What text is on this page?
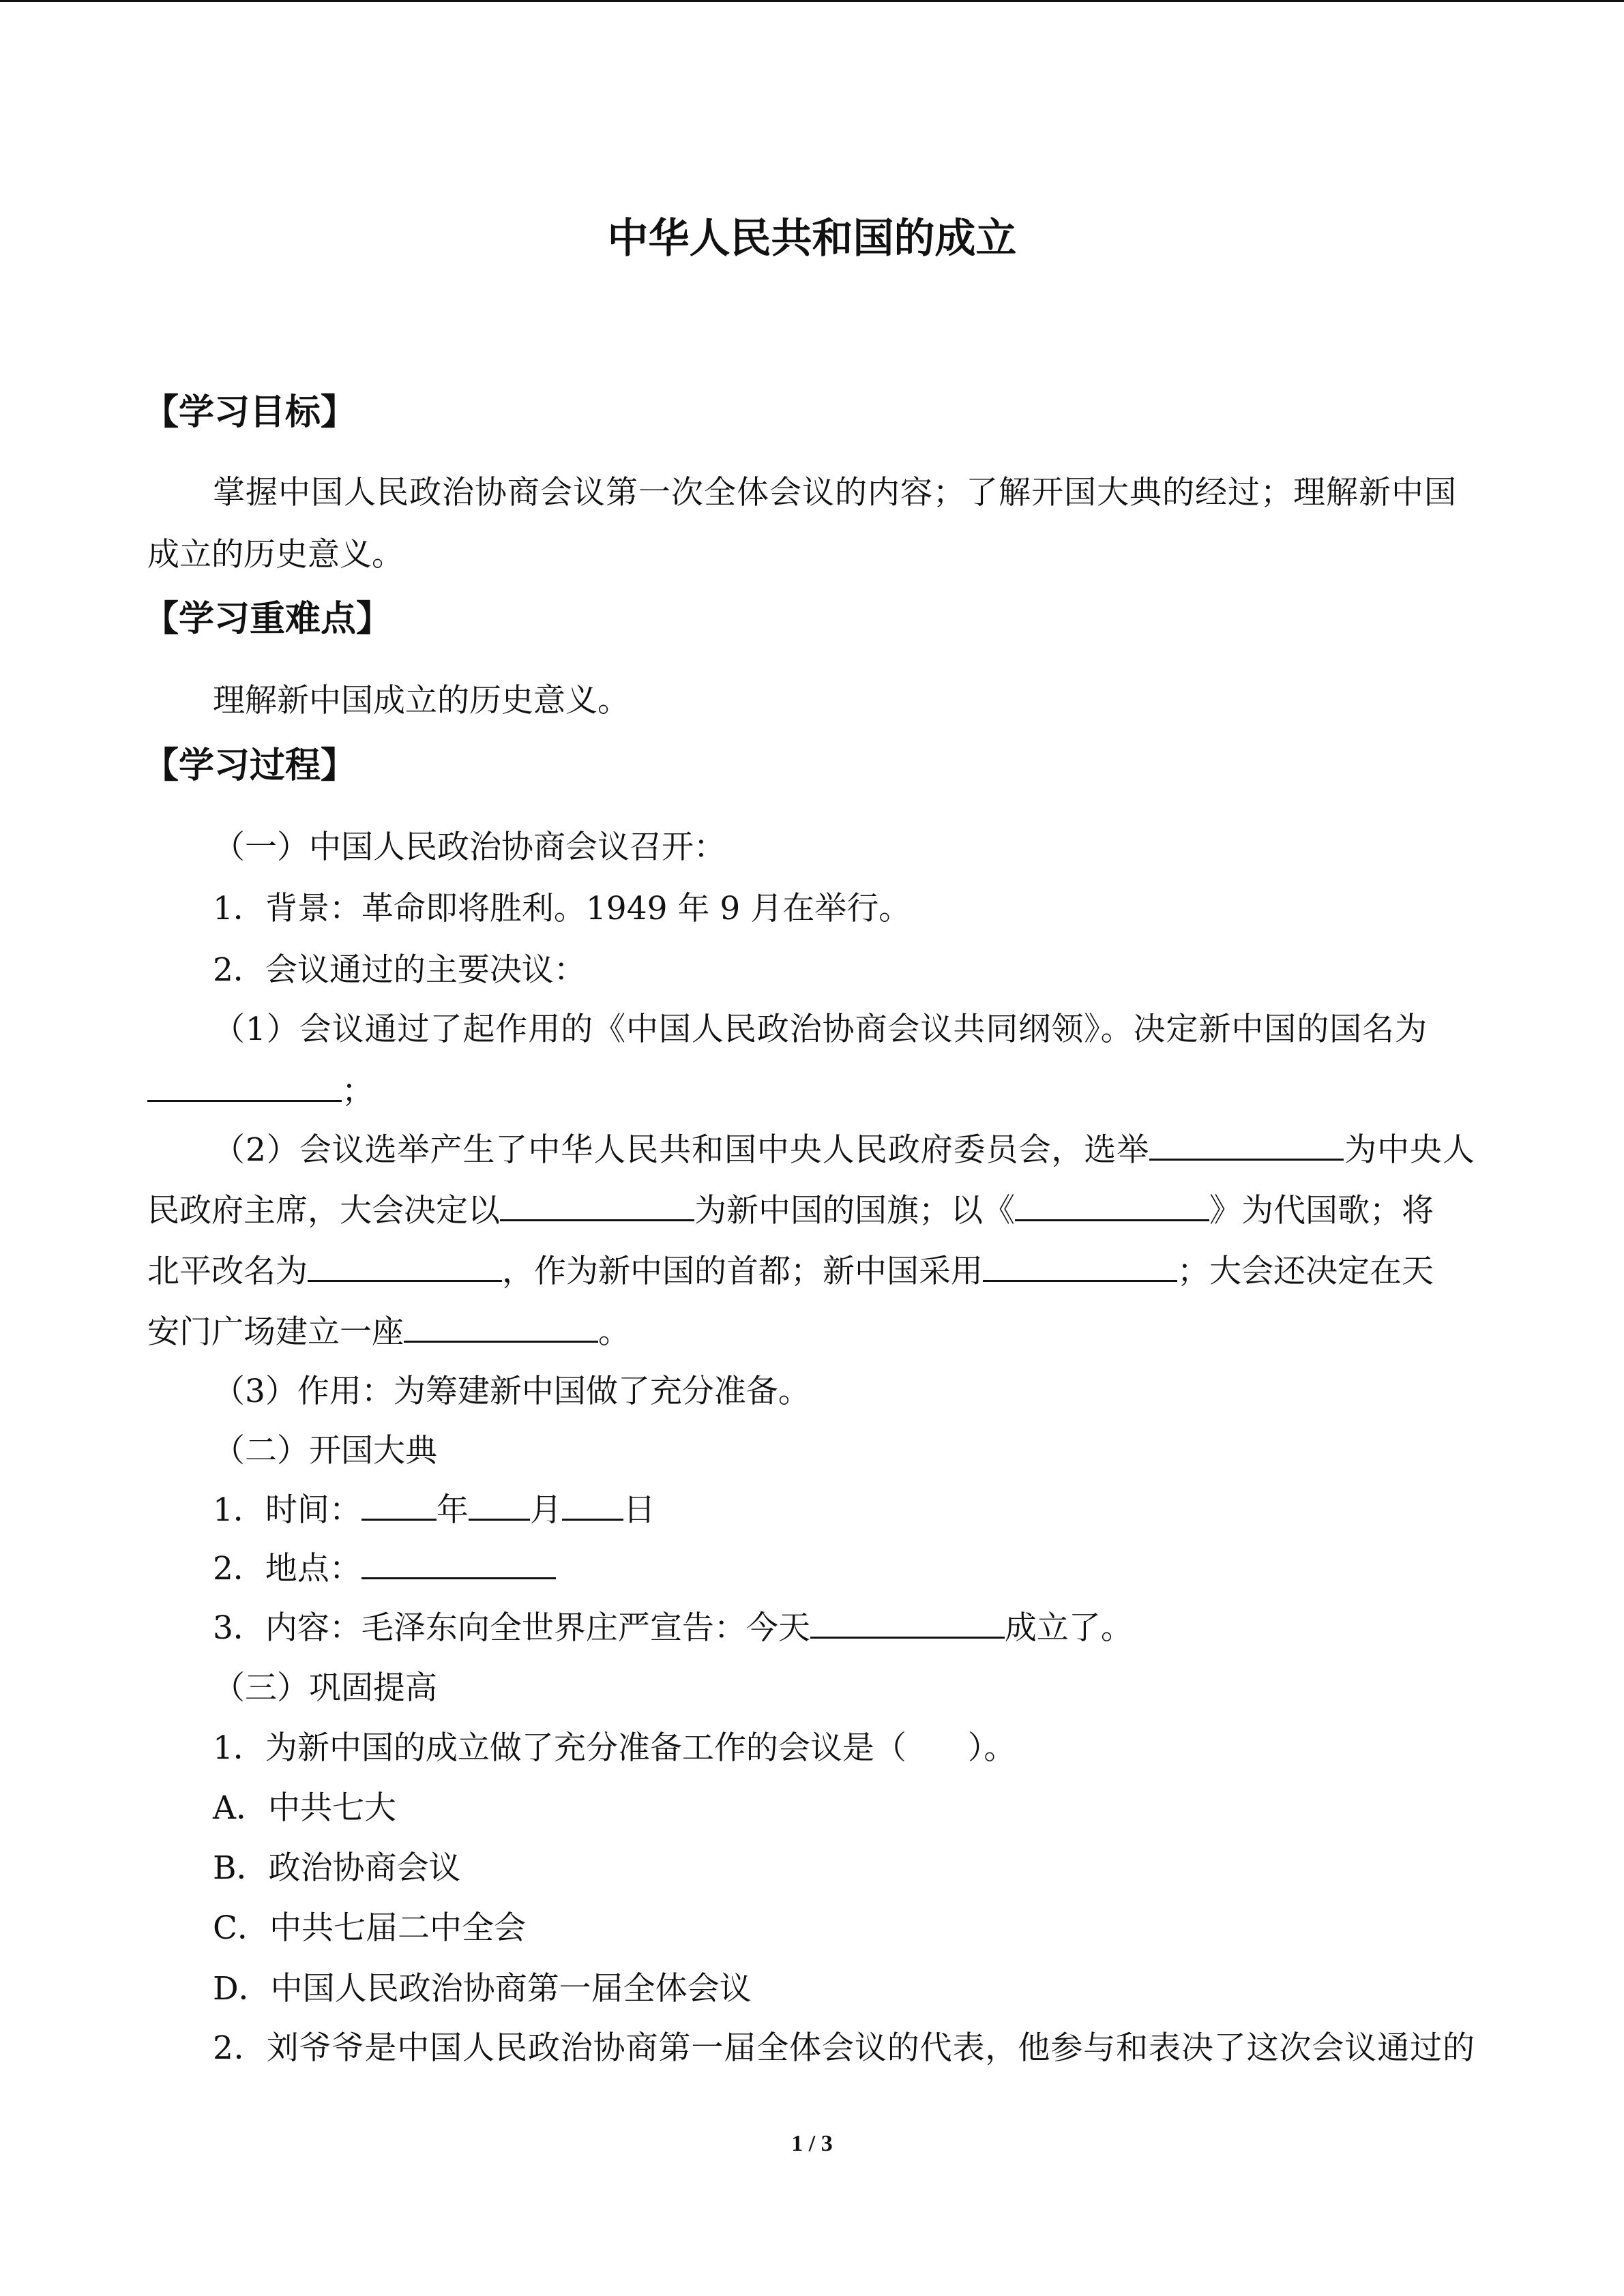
中华人民共和国的成立
【学习目标】
掌握中国人民政治协商会议第一次全体会议的内容；了解开国大典的经过；理解新中国
成立的历史意义。
【学习重难点】
理解新中国成立的历史意义。
【学习过程】
（一）中国人民政治协商会议召开：
1．背景：革命即将胜利。1949 年 9 月在举行。
2．会议通过的主要决议：
（1）会议通过了起作用的《中国人民政治协商会议共同纲领》。决定新中国的国名为
；
（2）会议选举产生了中华人民共和国中央人民政府委员会，选举	为中央人
民政府主席，大会决定以	为新中国的国旗；以《	》为代国歌；将
北平改名为	，作为新中国的首都；新中国采用	；大会还决定在天
安门广场建立一座	。
（3）作用：为筹建新中国做了充分准备。
（二）开国大典
1．时间： 年 月 日
2．地点：
3．内容：毛泽东向全世界庄严宣告：今天	成立了。
（三）巩固提高
1．为新中国的成立做了充分准备工作的会议是（ ）。
A．中共七大
B．政治协商会议
C．中共七届二中全会
D．中国人民政治协商第一届全体会议
2．刘爷爷是中国人民政治协商第一届全体会议的代表，他参与和表决了这次会议通过的
1 / 3
